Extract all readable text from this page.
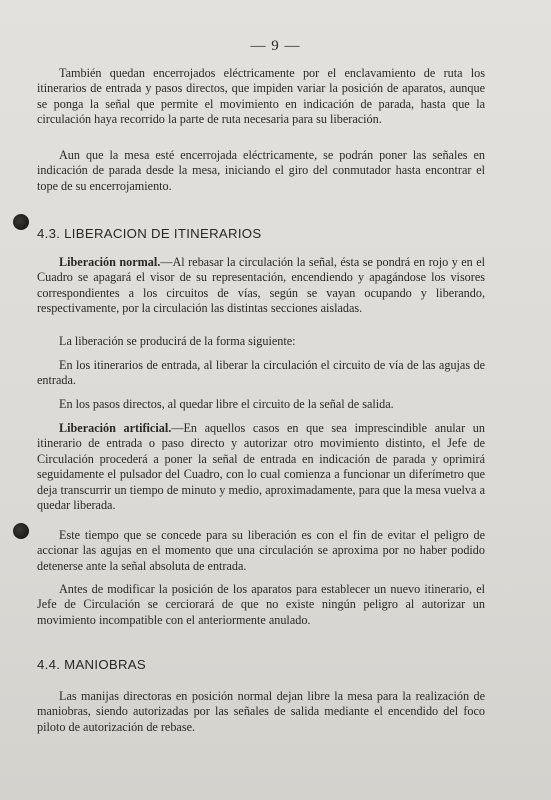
— 9 —

También quedan encerrojados eléctricamente por el enclavamiento de ruta los itinerarios de entrada y pasos directos, que impiden variar la posición de aparatos, aunque se ponga la señal que permite el movimiento en indicación de parada, hasta que la circulación haya recorrido la parte de ruta necesaria para su liberación.

Aun que la mesa esté encerrojada eléctricamente, se podrán poner las señales en indicación de parada desde la mesa, iniciando el giro del conmutador hasta encontrar el tope de su encerrojamiento.

4.3. LIBERACION DE ITINERARIOS

Liberación normal.—Al rebasar la circulación la señal, ésta se pondrá en rojo y en el Cuadro se apagará el visor de su representación, encendiendo y apagándose los visores correspondientes a los circuitos de vías, según se vayan ocupando y liberando, respectivamente, por la circulación las distintas secciones aisladas.

La liberación se producirá de la forma siguiente:

En los itinerarios de entrada, al liberar la circulación el circuito de vía de las agujas de entrada.

En los pasos directos, al quedar libre el circuito de la señal de salida.

Liberación artificial.—En aquellos casos en que sea imprescindible anular un itinerario de entrada o paso directo y autorizar otro movimiento distinto, el Jefe de Circulación procederá a poner la señal de entrada en indicación de parada y oprimirá seguidamente el pulsador del Cuadro, con lo cual comienza a funcionar un diferímetro que deja transcurrir un tiempo de minuto y medio, aproximadamente, para que la mesa vuelva a quedar liberada.

Este tiempo que se concede para su liberación es con el fin de evitar el peligro de accionar las agujas en el momento que una circulación se aproxima por no haber podido detenerse ante la señal absoluta de entrada.

Antes de modificar la posición de los aparatos para establecer un nuevo itinerario, el Jefe de Circulación se cerciorará de que no existe ningún peligro al autorizar un movimiento incompatible con el anteriormente anulado.

4.4. MANIOBRAS

Las manijas directoras en posición normal dejan libre la mesa para la realización de maniobras, siendo autorizadas por las señales de salida mediante el encendido del foco piloto de autorización de rebase.
